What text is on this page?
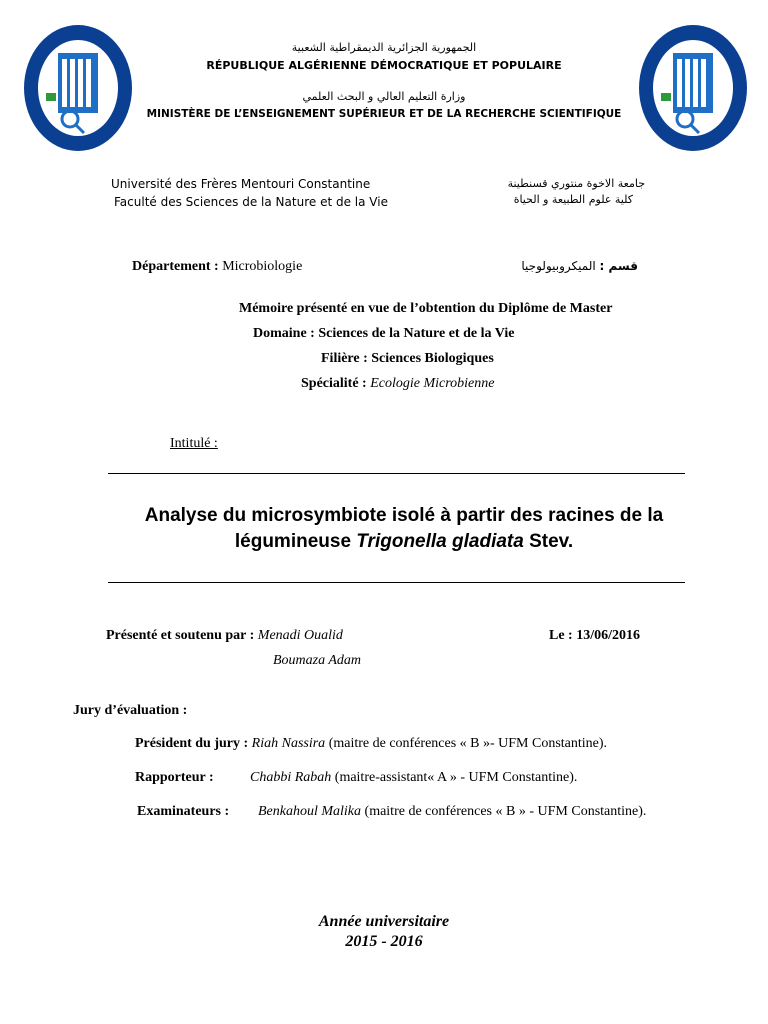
الجمهورية الجزائرية الديمقراطية الشعبية
RÉPUBLIQUE ALGÉRIENNE DÉMOCRATIQUE ET POPULAIRE
وزارة التعليم العالي و البحث العلمي
MINISTÈRE DE L’ENSEIGNEMENT SUPÉRIEUR ET DE LA RECHERCHE SCIENTIFIQUE
Université des Frères Mentouri Constantine
Faculté des Sciences de la Nature et de la Vie
جامعة الاخوة منتوري قسنطينة
كلية علوم الطبيعة و الحياة
Département : Microbiologie	قسم : الميكروبيولوجيا
Mémoire présenté en vue de l’obtention du Diplôme de Master
Domaine : Sciences de la Nature et de la Vie
Filière : Sciences Biologiques
Spécialité : Ecologie Microbienne
Intitulé :
Analyse du microsymbiote isolé à partir des racines de la
légumineuse Trigonella gladiata Stev.
Présenté et soutenu par : Menadi Oualid
Boumaza Adam
Le : 13/06/2016
Jury d’évaluation :
Président du jury : Riah Nassira (maitre de conférences « B »- UFM Constantine).
Rapporteur :	Chabbi Rabah (maitre-assistant« A » - UFM Constantine).
Examinateurs : Benkahoul Malika (maitre de conférences « B » - UFM Constantine).
Année universitaire
2015 - 2016
